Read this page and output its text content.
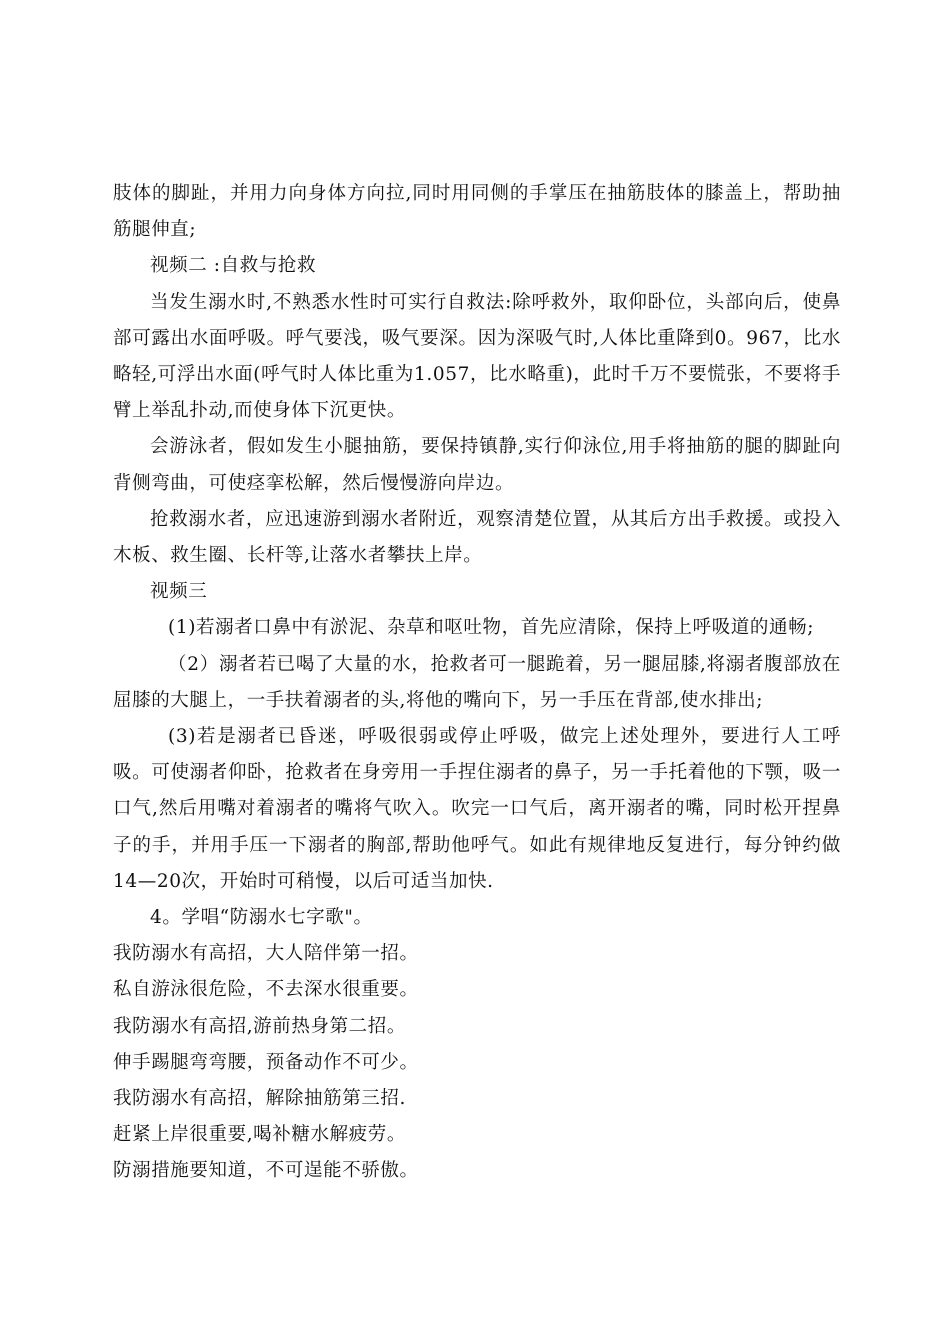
肢体的脚趾，并用力向身体方向拉,同时用同侧的手掌压在抽筋肢体的膝盖上，帮助抽筋腿伸直;

视频二 :自救与抢救

当发生溺水时,不熟悉水性时可实行自救法:除呼救外，取仰卧位，头部向后，使鼻部可露出水面呼吸。呼气要浅，吸气要深。因为深吸气时,人体比重降到0。967，比水略轻,可浮出水面(呼气时人体比重为1.057，比水略重)，此时千万不要慌张，不要将手臂上举乱扑动,而使身体下沉更快。

会游泳者，假如发生小腿抽筋，要保持镇静,实行仰泳位,用手将抽筋的腿的脚趾向背侧弯曲，可使痉挛松解，然后慢慢游向岸边。

抢救溺水者，应迅速游到溺水者附近，观察清楚位置，从其后方出手救援。或投入木板、救生圈、长杆等,让落水者攀扶上岸。

视频三

(1)若溺者口鼻中有淤泥、杂草和呕吐物，首先应清除，保持上呼吸道的通畅;

（2）溺者若已喝了大量的水，抢救者可一腿跪着，另一腿屈膝,将溺者腹部放在屈膝的大腿上，一手扶着溺者的头,将他的嘴向下，另一手压在背部,使水排出;

(3)若是溺者已昏迷，呼吸很弱或停止呼吸，做完上述处理外，要进行人工呼吸。可使溺者仰卧，抢救者在身旁用一手捏住溺者的鼻子，另一手托着他的下颚，吸一口气,然后用嘴对着溺者的嘴将气吹入。吹完一口气后，离开溺者的嘴，同时松开捏鼻子的手，并用手压一下溺者的胸部,帮助他呼气。如此有规律地反复进行，每分钟约做 14—20次，开始时可稍慢，以后可适当加快.

4。学唱“防溺水七字歌"。

我防溺水有高招，大人陪伴第一招。

私自游泳很危险，不去深水很重要。

我防溺水有高招,游前热身第二招。

伸手踢腿弯弯腰，预备动作不可少。

我防溺水有高招，解除抽筋第三招.

赶紧上岸很重要,喝补糖水解疲劳。

防溺措施要知道，不可逞能不骄傲。
